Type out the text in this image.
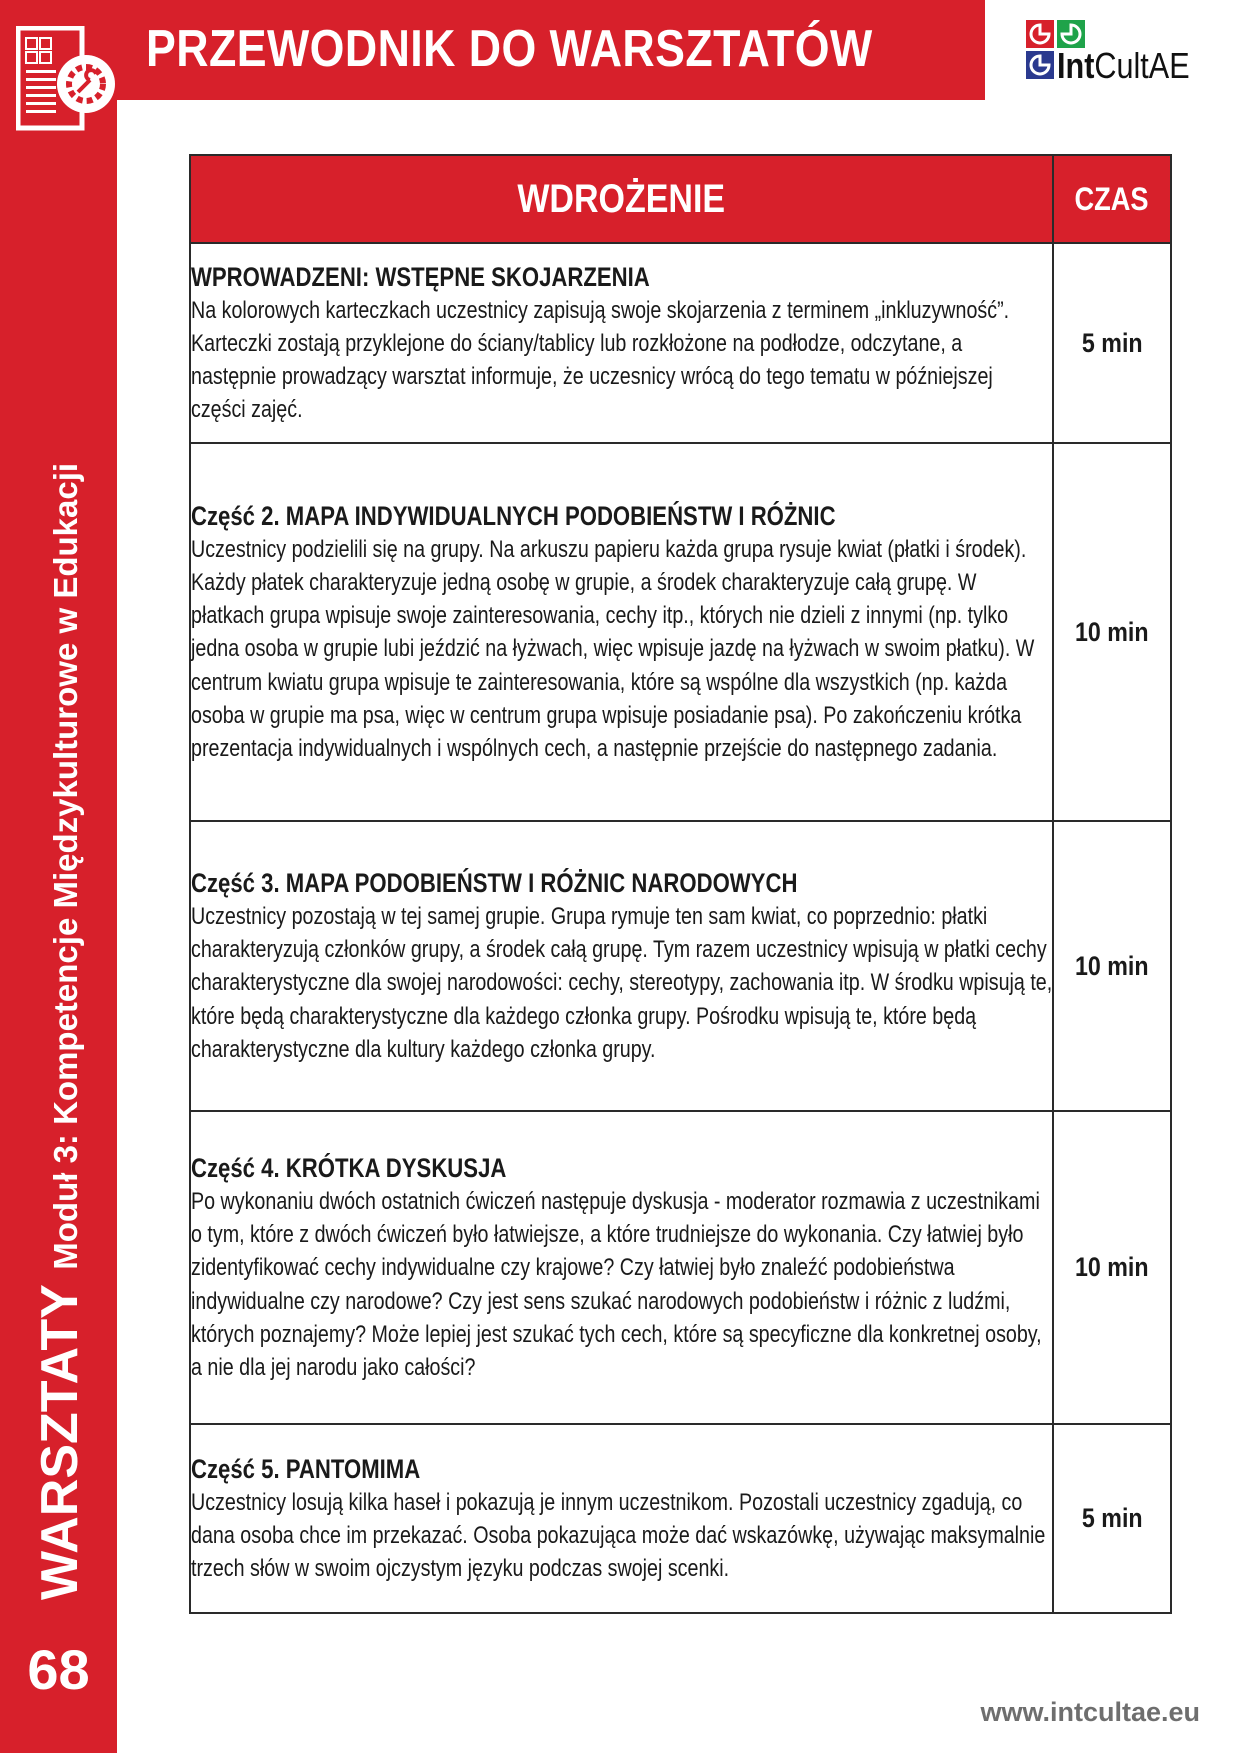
PRZEWODNIK DO WARSZTATÓW	IntCultAE
WARSZTATY Moduł 3: Kompetencje Międzykulturowe w Edukacji
68
WDROŻENIE	CZAS

WPROWADZENI: WSTĘPNE SKOJARZENIA
Na kolorowych karteczkach uczestnicy zapisują swoje skojarzenia z terminem „inkluzywność”. Karteczki zostają przyklejone do ściany/tablicy lub rozkłożone na podłodze, odczytane, a następnie prowadzący warsztat informuje, że uczesnicy wrócą do tego tematu w późniejszej części zajęć.	5 min

Część 2. MAPA INDYWIDUALNYCH PODOBIEŃSTW I RÓŻNIC
Uczestnicy podzielili się na grupy. Na arkuszu papieru każda grupa rysuje kwiat (płatki i środek). Każdy płatek charakteryzuje jedną osobę w grupie, a środek charakteryzuje całą grupę. W płatkach grupa wpisuje swoje zainteresowania, cechy itp., których nie dzieli z innymi (np. tylko jedna osoba w grupie lubi jeździć na łyżwach, więc wpisuje jazdę na łyżwach w swoim płatku). W centrum kwiatu grupa wpisuje te zainteresowania, które są wspólne dla wszystkich (np. każda osoba w grupie ma psa, więc w centrum grupa wpisuje posiadanie psa). Po zakończeniu krótka prezentacja indywidualnych i wspólnych cech, a następnie przejście do następnego zadania.	10 min

Część 3. MAPA PODOBIEŃSTW I RÓŻNIC NARODOWYCH
Uczestnicy pozostają w tej samej grupie. Grupa rymuje ten sam kwiat, co poprzednio: płatki charakteryzują członków grupy, a środek całą grupę. Tym razem uczestnicy wpisują w płatki cechy charakterystyczne dla swojej narodowości: cechy, stereotypy, zachowania itp. W środku wpisują te, które będą charakterystyczne dla każdego członka grupy. Pośrodku wpisują te, które będą charakterystyczne dla kultury każdego członka grupy.	10 min

Część 4. KRÓTKA DYSKUSJA
Po wykonaniu dwóch ostatnich ćwiczeń następuje dyskusja - moderator rozmawia z uczestnikami o tym, które z dwóch ćwiczeń było łatwiejsze, a które trudniejsze do wykonania. Czy łatwiej było zidentyfikować cechy indywidualne czy krajowe? Czy łatwiej było znaleźć podobieństwa indywidualne czy narodowe? Czy jest sens szukać narodowych podobieństw i różnic z ludźmi, których poznajemy? Może lepiej jest szukać tych cech, które są specyficzne dla konkretnej osoby, a nie dla jej narodu jako całości?	10 min

Część 5. PANTOMIMA
Uczestnicy losują kilka haseł i pokazują je innym uczestnikom. Pozostali uczestnicy zgadują, co dana osoba chce im przekazać. Osoba pokazująca może dać wskazówkę, używając maksymalnie trzech słów w swoim ojczystym języku podczas swojej scenki.	5 min
www.intcultae.eu
